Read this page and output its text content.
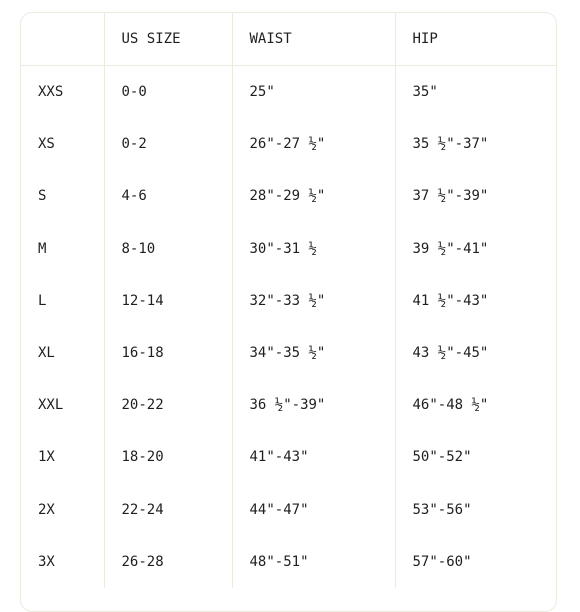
	US SIZE	WAIST	HIP
XXS	0-0	25"	35"
XS	0-2	26"-27 ½"	35 ½"-37"
S	4-6	28"-29 ½"	37 ½"-39"
M	8-10	30"-31 ½	39 ½"-41"
L	12-14	32"-33 ½"	41 ½"-43"
XL	16-18	34"-35 ½"	43 ½"-45"
XXL	20-22	36 ½"-39"	46"-48 ½"
1X	18-20	41"-43"	50"-52"
2X	22-24	44"-47"	53"-56"
3X	26-28	48"-51"	57"-60"
